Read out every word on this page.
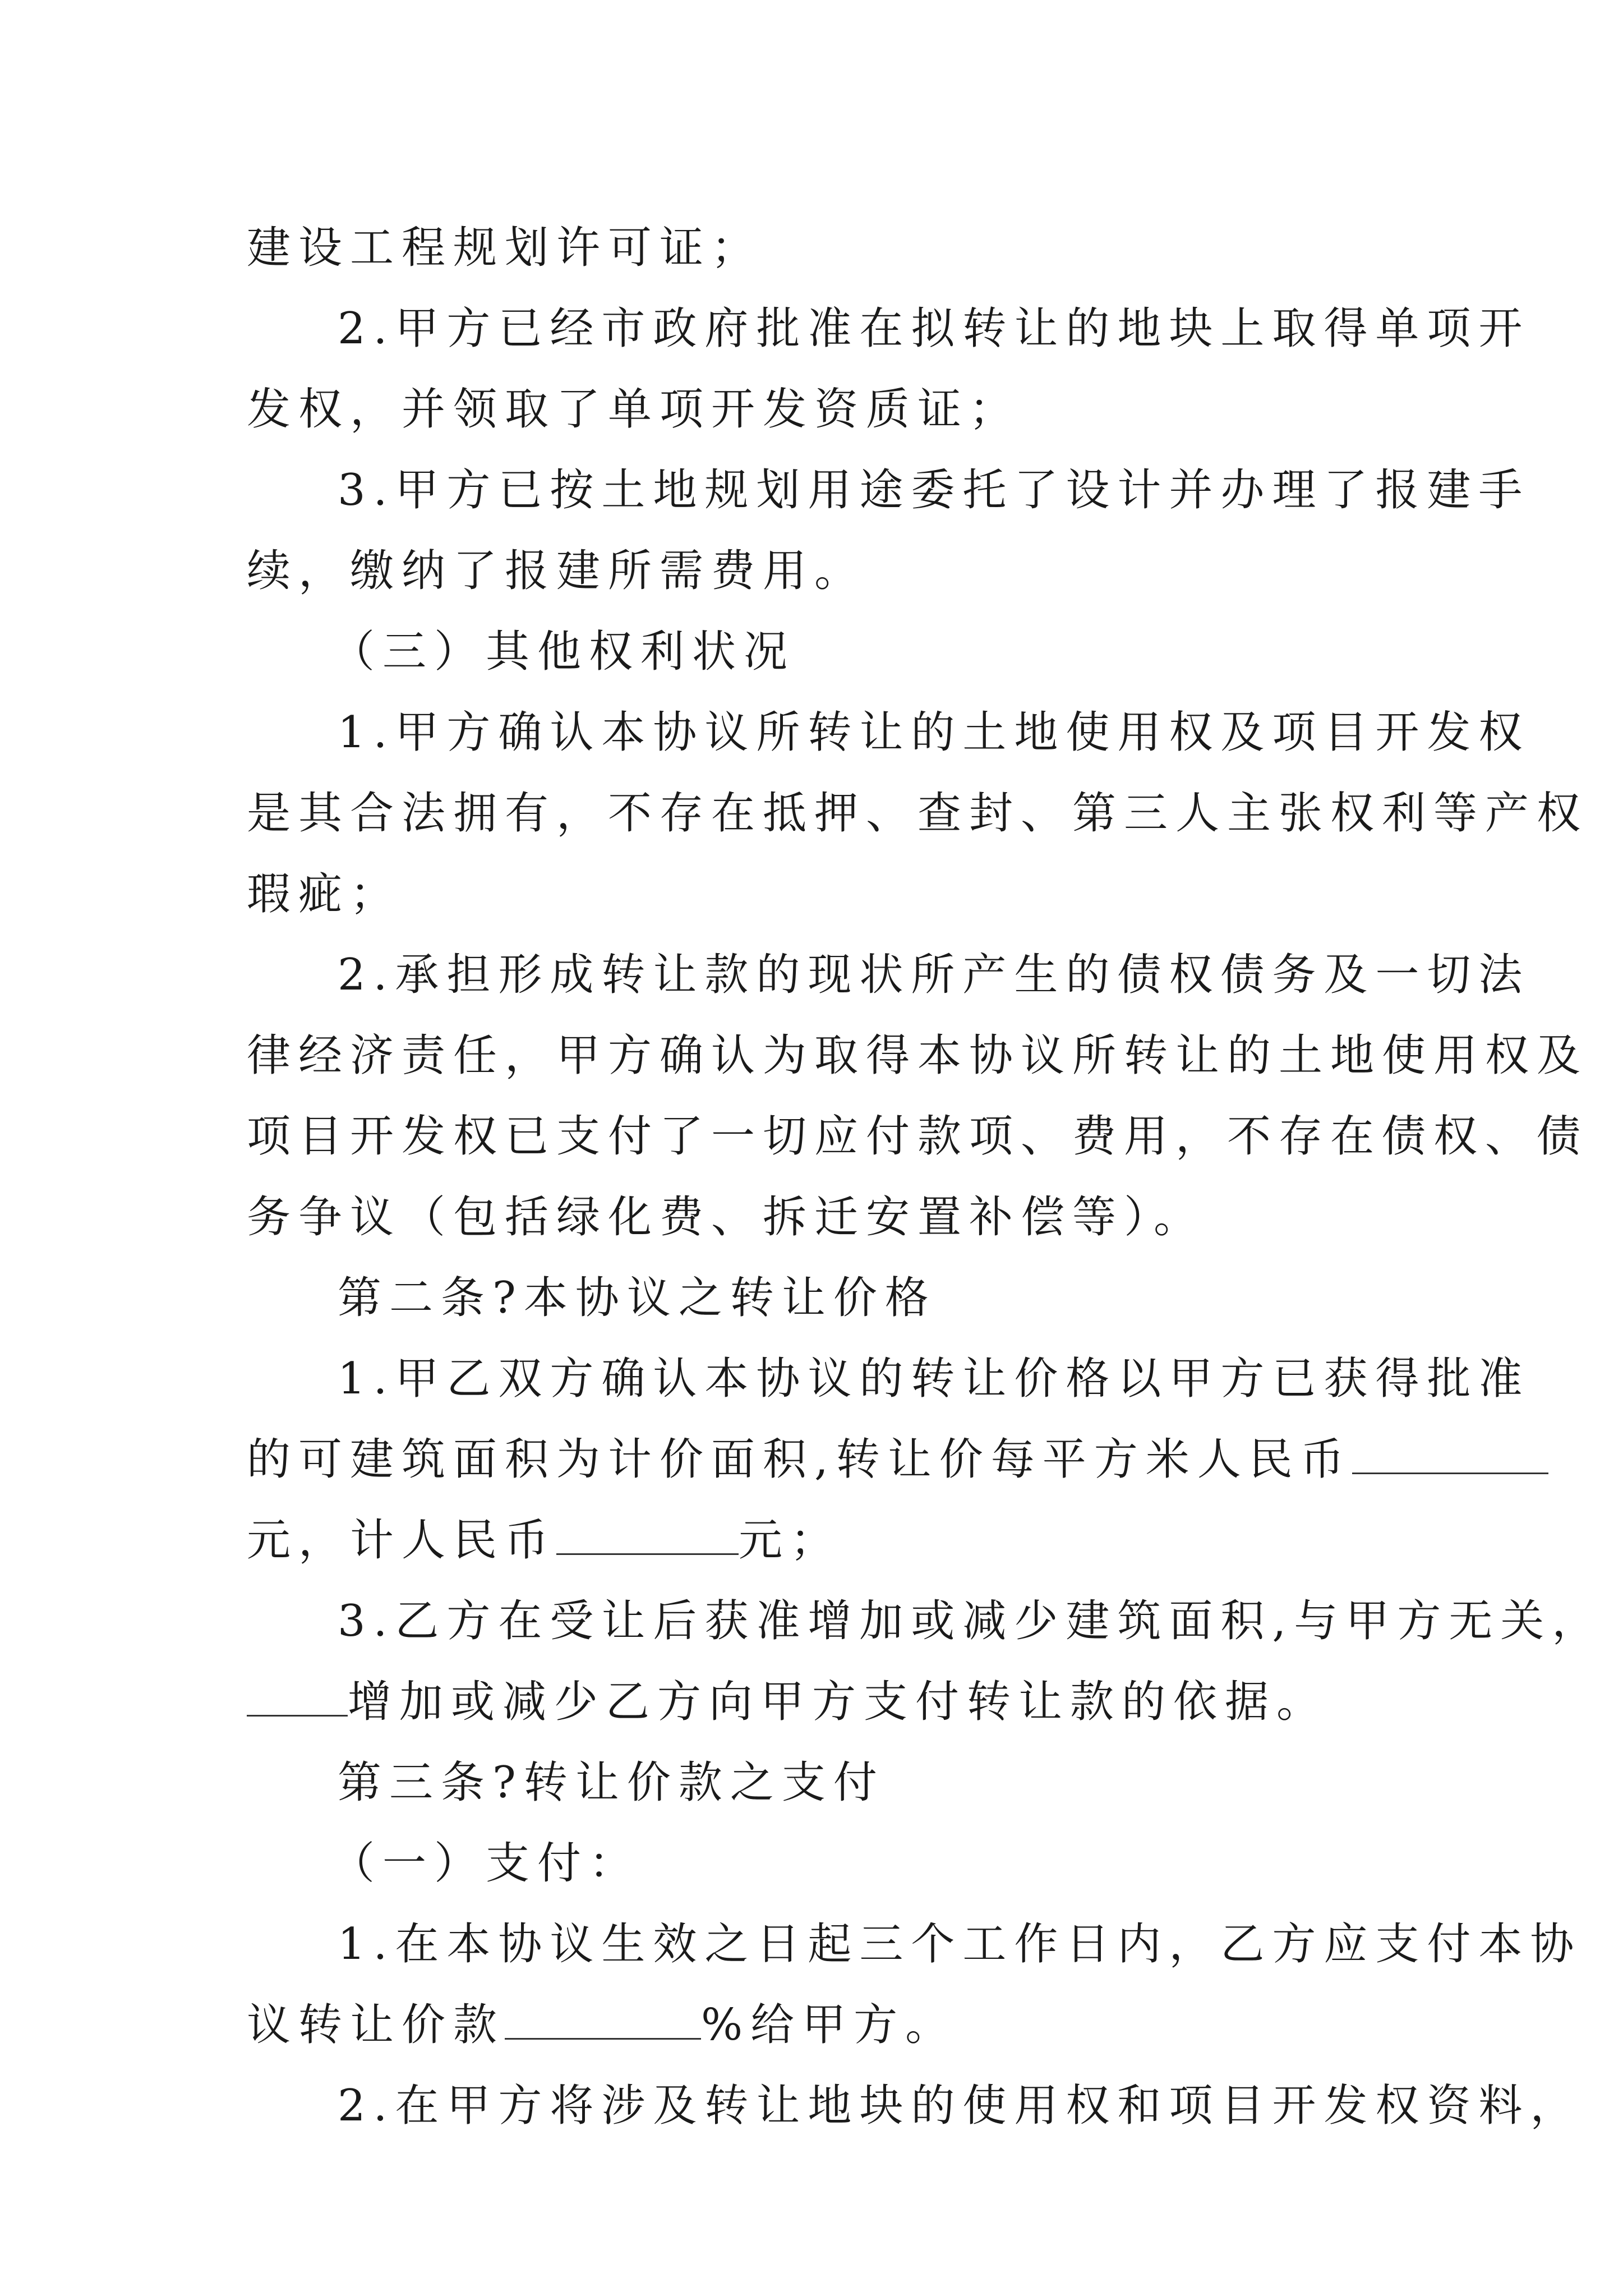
建设工程规划许可证；
2.甲方已经市政府批准在拟转让的地块上取得单项开
发权，并领取了单项开发资质证；
3.甲方已按土地规划用途委托了设计并办理了报建手
续，缴纳了报建所需费用。
（三）其他权利状况
1.甲方确认本协议所转让的土地使用权及项目开发权
是其合法拥有，不存在抵押、查封、第三人主张权利等产权
瑕疵；
2.承担形成转让款的现状所产生的债权债务及一切法
律经济责任，甲方确认为取得本协议所转让的土地使用权及
项目开发权已支付了一切应付款项、费用，不存在债权、债
务争议（包括绿化费、拆迁安置补偿等）。
第二条?本协议之转让价格
1.甲乙双方确认本协议的转让价格以甲方已获得批准
的可建筑面积为计价面积,转让价每平方米人民币
元，计人民币	元；
3.乙方在受让后获准增加或减少建筑面积,与甲方无关，
增加或减少乙方向甲方支付转让款的依据。
第三条?转让价款之支付
（一）支付：
1.在本协议生效之日起三个工作日内，乙方应支付本协
议转让价款	%给甲方。
2.在甲方将涉及转让地块的使用权和项目开发权资料，
